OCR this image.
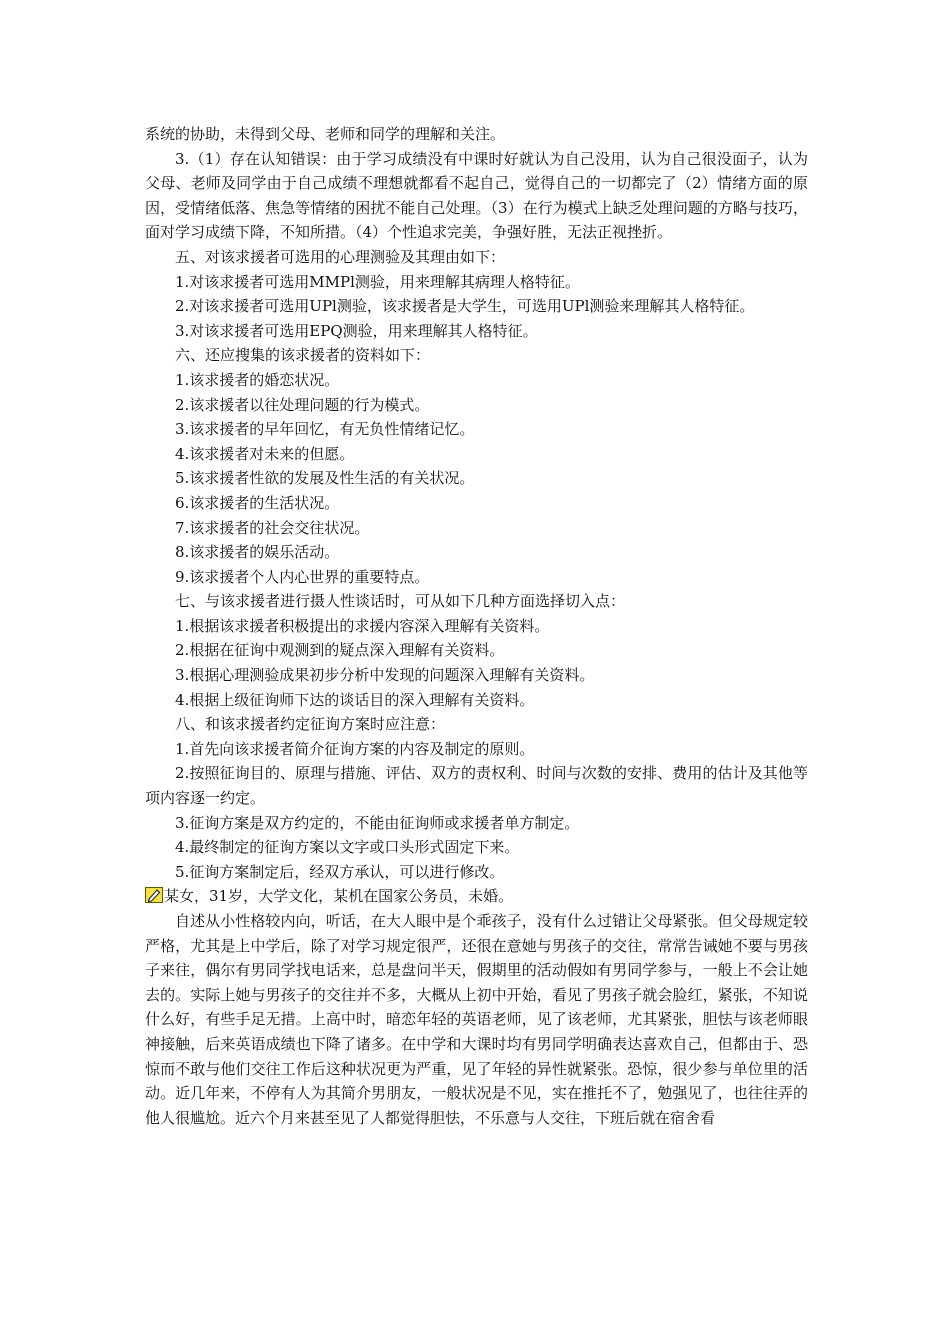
系统的协助，未得到父母、老师和同学的理解和关注。

3.（1）存在认知错误：由于学习成绩没有中课时好就认为自己没用，认为自己很没面子，认为父母、老师及同学由于自己成绩不理想就都看不起自己，觉得自己的一切都完了（2）情绪方面的原因，受情绪低落、焦急等情绪的困扰不能自己处理。（3）在行为模式上缺乏处理问题的方略与技巧，面对学习成绩下降，不知所措。（4）个性追求完美，争强好胜，无法正视挫折。

五、对该求援者可选用的心理测验及其理由如下：

1.对该求援者可选用MMPl测验，用来理解其病理人格特征。

2.对该求援者可选用UPl测验，该求援者是大学生，可选用UPl测验来理解其人格特征。

3.对该求援者可选用EPQ测验，用来理解其人格特征。

六、还应搜集的该求援者的资料如下：

1.该求援者的婚恋状况。

2.该求援者以往处理问题的行为模式。

3.该求援者的早年回忆，有无负性情绪记忆。

4.该求援者对未来的但愿。

5.该求援者性欲的发展及性生活的有关状况。

6.该求援者的生活状况。

7.该求援者的社会交往状况。

8.该求援者的娱乐活动。

9.该求援者个人内心世界的重要特点。

七、与该求援者进行摄人性谈话时，可从如下几种方面选择切入点：

1.根据该求援者积极提出的求援内容深入理解有关资料。

2.根据在征询中观测到的疑点深入理解有关资料。

3.根据心理测验成果初步分析中发现的问题深入理解有关资料。

4.根据上级征询师下达的谈话目的深入理解有关资料。

八、和该求援者约定征询方案时应注意：

1.首先向该求援者简介征询方案的内容及制定的原则。

2.按照征询目的、原理与措施、评估、双方的责权利、时间与次数的安排、费用的估计及其他等项内容逐一约定。

3.征询方案是双方约定的，不能由征询师或求援者单方制定。

4.最终制定的征询方案以文字或口头形式固定下来。

5.征询方案制定后，经双方承认，可以进行修改。

某女，31岁，大学文化，某机在国家公务员，未婚。

自述从小性格较内向，听话，在大人眼中是个乖孩子，没有什么过错让父母紧张。但父母规定较严格，尤其是上中学后，除了对学习规定很严，还很在意她与男孩子的交往，常常告诫她不要与男孩子来往，偶尔有男同学找电话来，总是盘问半天，假期里的活动假如有男同学参与，一般上不会让她去的。实际上她与男孩子的交往并不多，大概从上初中开始，看见了男孩子就会脸红，紧张，不知说什么好，有些手足无措。上高中时，暗恋年轻的英语老师，见了该老师，尤其紧张，胆怯与该老师眼神接触，后来英语成绩也下降了诸多。在中学和大课时均有男同学明确表达喜欢自己，但都由于、恐惊而不敢与他们交往工作后这种状况更为严重，见了年轻的异性就紧张。恐惊，很少参与单位里的活动。近几年来，不停有人为其简介男朋友，一般状况是不见，实在推托不了，勉强见了，也往往弄的他人很尴尬。近六个月来甚至见了人都觉得胆怯，不乐意与人交往，下班后就在宿舍看
